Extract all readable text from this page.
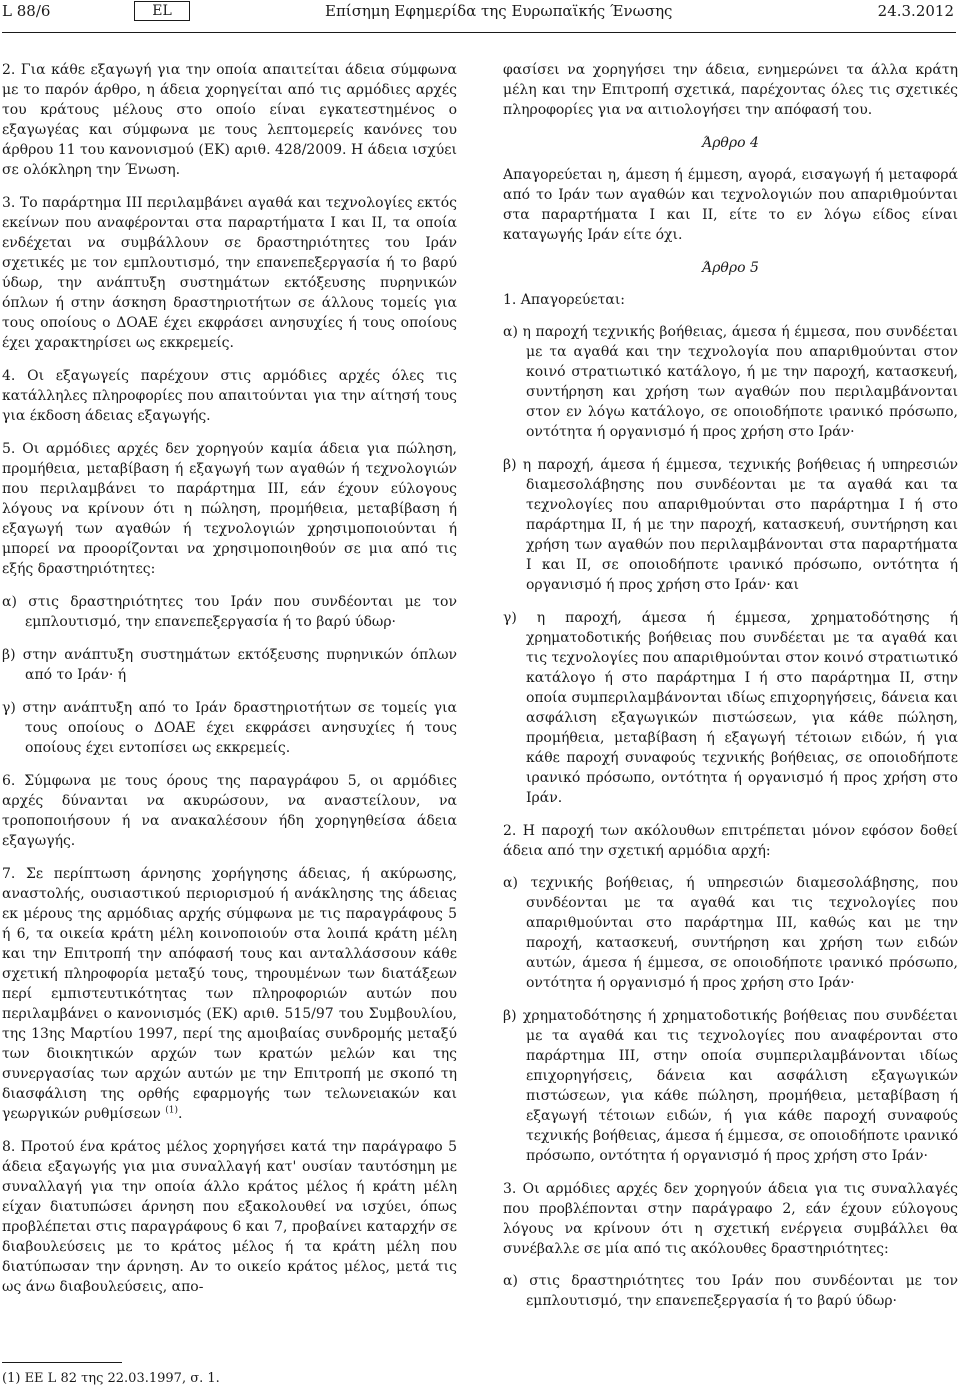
L 88/6	EL	Επίσημη Εφημερίδα της Ευρωπαϊκής Ένωσης	24.3.2012

2. Για κάθε εξαγωγή για την οποία απαιτείται άδεια σύμφωνα με το παρόν άρθρο, η άδεια χορηγείται από τις αρμόδιες αρχές του κράτους μέλους στο οποίο είναι εγκατεστημένος ο εξαγωγέας και σύμφωνα με τους λεπτομερείς κανόνες του άρθρου 11 του κανονισμού (ΕΚ) αριθ. 428/2009. Η άδεια ισχύει σε ολόκληρη την Ένωση.

3. Το παράρτημα III περιλαμβάνει αγαθά και τεχνολογίες εκτός εκείνων που αναφέρονται στα παραρτήματα I και II, τα οποία ενδέχεται να συμβάλλουν σε δραστηριότητες του Ιράν σχετικές με τον εμπλουτισμό, την επανεπεξεργασία ή το βαρύ ύδωρ, την ανάπτυξη συστημάτων εκτόξευσης πυρηνικών όπλων ή στην άσκηση δραστηριοτήτων σε άλλους τομείς για τους οποίους ο ΔΟΑΕ έχει εκφράσει ανησυχίες ή τους οποίους έχει χαρακτηρίσει ως εκκρεμείς.

4. Οι εξαγωγείς παρέχουν στις αρμόδιες αρχές όλες τις κατάλληλες πληροφορίες που απαιτούνται για την αίτησή τους για έκδοση άδειας εξαγωγής.

5. Οι αρμόδιες αρχές δεν χορηγούν καμία άδεια για πώληση, προμήθεια, μεταβίβαση ή εξαγωγή των αγαθών ή τεχνολογιών που περιλαμβάνει το παράρτημα III, εάν έχουν εύλογους λόγους να κρίνουν ότι η πώληση, προμήθεια, μεταβίβαση ή εξαγωγή των αγαθών ή τεχνολογιών χρησιμοποιούνται ή μπορεί να προορίζονται να χρησιμοποιηθούν σε μια από τις εξής δραστηριότητες:

α) στις δραστηριότητες του Ιράν που συνδέονται με τον εμπλουτισμό, την επανεπεξεργασία ή το βαρύ ύδωρ·
β) στην ανάπτυξη συστημάτων εκτόξευσης πυρηνικών όπλων από το Ιράν· ή
γ) στην ανάπτυξη από το Ιράν δραστηριοτήτων σε τομείς για τους οποίους ο ΔΟΑΕ έχει εκφράσει ανησυχίες ή τους οποίους έχει εντοπίσει ως εκκρεμείς.

6. Σύμφωνα με τους όρους της παραγράφου 5, οι αρμόδιες αρχές δύνανται να ακυρώσουν, να αναστείλουν, να τροποποιήσουν ή να ανακαλέσουν ήδη χορηγηθείσα άδεια εξαγωγής.

7. Σε περίπτωση άρνησης χορήγησης άδειας, ή ακύρωσης, αναστολής, ουσιαστικού περιορισμού ή ανάκλησης της άδειας εκ μέρους της αρμόδιας αρχής σύμφωνα με τις παραγράφους 5 ή 6, τα οικεία κράτη μέλη κοινοποιούν στα λοιπά κράτη μέλη και την Επιτροπή την απόφασή τους και ανταλλάσσουν κάθε σχετική πληροφορία μεταξύ τους, τηρουμένων των διατάξεων περί εμπιστευτικότητας των πληροφοριών αυτών που περιλαμβάνει ο κανονισμός (ΕΚ) αριθ. 515/97 του Συμβουλίου, της 13ης Μαρτίου 1997, περί της αμοιβαίας συνδρομής μεταξύ των διοικητικών αρχών των κρατών μελών και της συνεργασίας των αρχών αυτών με την Επιτροπή με σκοπό τη διασφάλιση της ορθής εφαρμογής των τελωνειακών και γεωργικών ρυθμίσεων $^{(1)}$.

8. Προτού ένα κράτος μέλος χορηγήσει κατά την παράγραφο 5 άδεια εξαγωγής για μια συναλλαγή κατ' ουσίαν ταυτόσημη με συναλλαγή για την οποία άλλο κράτος μέλος ή κράτη μέλη είχαν διατυπώσει άρνηση που εξακολουθεί να ισχύει, όπως προβλέπεται στις παραγράφους 6 και 7, προβαίνει καταρχήν σε διαβουλεύσεις με το κράτος μέλος ή τα κράτη μέλη που διατύπωσαν την άρνηση. Αν το οικείο κράτος μέλος, μετά τις ως άνω διαβουλεύσεις, απο-

(1) ΕΕ L 82 της 22.03.1997, σ. 1.

φασίσει να χορηγήσει την άδεια, ενημερώνει τα άλλα κράτη μέλη και την Επιτροπή σχετικά, παρέχοντας όλες τις σχετικές πληροφορίες για να αιτιολογήσει την απόφασή του.

Άρθρο 4

Απαγορεύεται η, άμεση ή έμμεση, αγορά, εισαγωγή ή μεταφορά από το Ιράν των αγαθών και τεχνολογιών που απαριθμούνται στα παραρτήματα I και II, είτε το εν λόγω είδος είναι καταγωγής Ιράν είτε όχι.

Άρθρο 5

1. Απαγορεύεται:

α) η παροχή τεχνικής βοήθειας, άμεσα ή έμμεσα, που συνδέεται με τα αγαθά και την τεχνολογία που απαριθμούνται στον κοινό στρατιωτικό κατάλογο, ή με την παροχή, κατασκευή, συντήρηση και χρήση των αγαθών που περιλαμβάνονται στον εν λόγω κατάλογο, σε οποιοδήποτε ιρανικό πρόσωπο, οντότητα ή οργανισμό ή προς χρήση στο Ιράν·
β) η παροχή, άμεσα ή έμμεσα, τεχνικής βοήθειας ή υπηρεσιών διαμεσολάβησης που συνδέονται με τα αγαθά και τα τεχνολογίες που απαριθμούνται στο παράρτημα I ή στο παράρτημα II, ή με την παροχή, κατασκευή, συντήρηση και χρήση των αγαθών που περιλαμβάνονται στα παραρτήματα I και II, σε οποιοδήποτε ιρανικό πρόσωπο, οντότητα ή οργανισμό ή προς χρήση στο Ιράν· και
γ) η παροχή, άμεσα ή έμμεσα, χρηματοδότησης ή χρηματοδοτικής βοήθειας που συνδέεται με τα αγαθά και τις τεχνολογίες που απαριθμούνται στον κοινό στρατιωτικό κατάλογο ή στο παράρτημα I ή στο παράρτημα II, στην οποία συμπεριλαμβάνονται ιδίως επιχορηγήσεις, δάνεια και ασφάλιση εξαγωγικών πιστώσεων, για κάθε πώληση, προμήθεια, μεταβίβαση ή εξαγωγή τέτοιων ειδών, ή για κάθε παροχή συναφούς τεχνικής βοήθειας, σε οποιοδήποτε ιρανικό πρόσωπο, οντότητα ή οργανισμό ή προς χρήση στο Ιράν.

2. Η παροχή των ακόλουθων επιτρέπεται μόνον εφόσον δοθεί άδεια από την σχετική αρμόδια αρχή:

α) τεχνικής βοήθειας, ή υπηρεσιών διαμεσολάβησης, που συνδέονται με τα αγαθά και τις τεχνολογίες που απαριθμούνται στο παράρτημα III, καθώς και με την παροχή, κατασκευή, συντήρηση και χρήση των ειδών αυτών, άμεσα ή έμμεσα, σε οποιοδήποτε ιρανικό πρόσωπο, οντότητα ή οργανισμό ή προς χρήση στο Ιράν·
β) χρηματοδότησης ή χρηματοδοτικής βοήθειας που συνδέεται με τα αγαθά και τις τεχνολογίες που αναφέρονται στο παράρτημα III, στην οποία συμπεριλαμβάνονται ιδίως επιχορηγήσεις, δάνεια και ασφάλιση εξαγωγικών πιστώσεων, για κάθε πώληση, προμήθεια, μεταβίβαση ή εξαγωγή τέτοιων ειδών, ή για κάθε παροχή συναφούς τεχνικής βοήθειας, άμεσα ή έμμεσα, σε οποιοδήποτε ιρανικό πρόσωπο, οντότητα ή οργανισμό ή προς χρήση στο Ιράν·

3. Οι αρμόδιες αρχές δεν χορηγούν άδεια για τις συναλλαγές που προβλέπονται στην παράγραφο 2, εάν έχουν εύλογους λόγους να κρίνουν ότι η σχετική ενέργεια συμβάλλει θα συνέβαλλε σε μία από τις ακόλουθες δραστηριότητες:

α) στις δραστηριότητες του Ιράν που συνδέονται με τον εμπλουτισμό, την επανεπεξεργασία ή το βαρύ ύδωρ·
